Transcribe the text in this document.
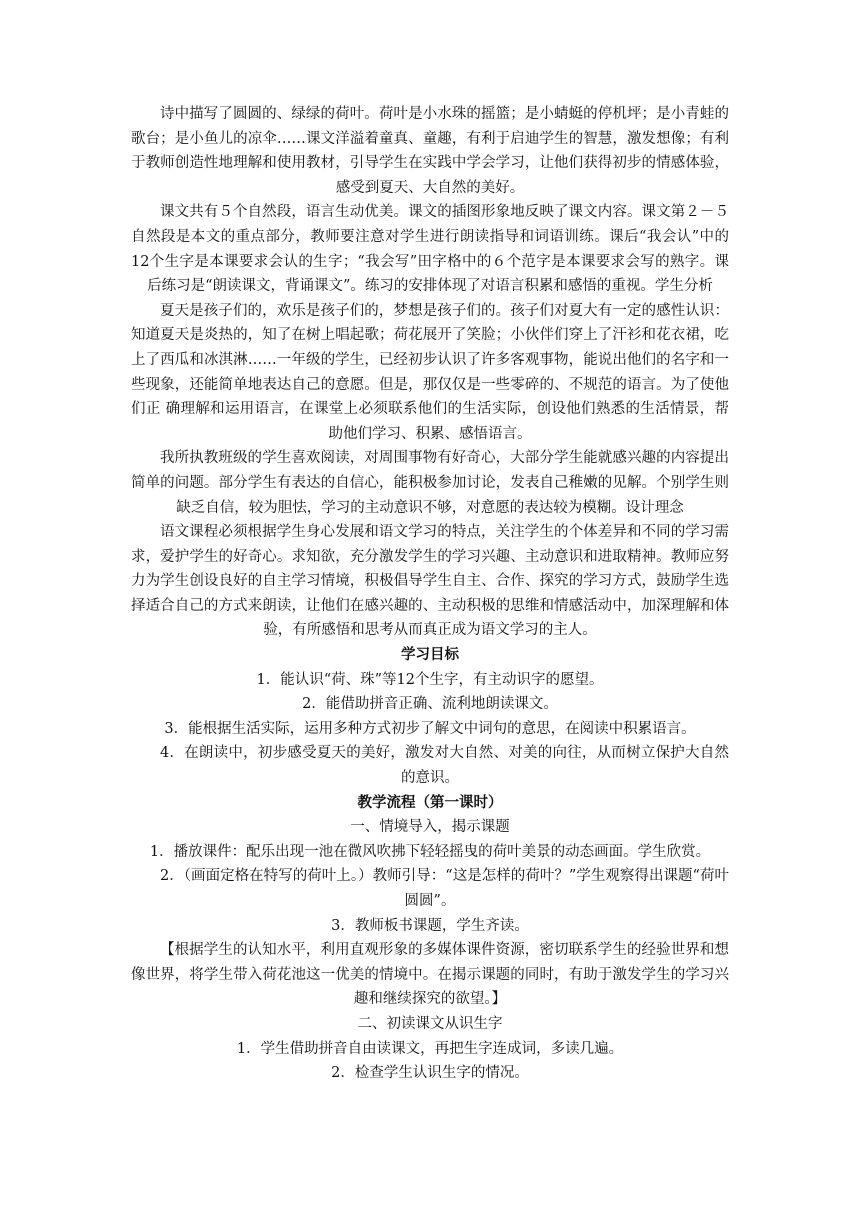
诗中描写了圆圆的、绿绿的荷叶。荷叶是小水珠的摇篮；是小蜻蜓的停机坪；是小青蛙的歌台；是小鱼儿的凉伞……课文洋溢着童真、童趣，有利于启迪学生的智慧，激发想像；有利于教师创造性地理解和使用教材，引导学生在实践中学会学习，让他们获得初步的情感体验，感受到夏天、大自然的美好。

课文共有５个自然段，语言生动优美。课文的插图形象地反映了课文内容。课文第２－５自然段是本文的重点部分，教师要注意对学生进行朗读指导和词语训练。课后“我会认”中的12个生字是本课要求会认的生字；“我会写”田字格中的６个范字是本课要求会写的熟字。课后练习是“朗读课文，背诵课文”。练习的安排体现了对语言积累和感悟的重视。学生分析

夏天是孩子们的，欢乐是孩子们的，梦想是孩子们的。孩子们对夏大有一定的感性认识：知道夏天是炎热的，知了在树上唱起歌；荷花展开了笑脸；小伙伴们穿上了汗衫和花衣裙，吃上了西瓜和冰淇淋……一年级的学生，已经初步认识了许多客观事物，能说出他们的名字和一些现象，还能简单地表达自己的意愿。但是，那仅仅是一些零碎的、不规范的语言。为了使他们正 确理解和运用语言，在课堂上必须联系他们的生活实际，创设他们熟悉的生活情景，帮助他们学习、积累、感悟语言。

我所执教班级的学生喜欢阅读，对周围事物有好奇心，大部分学生能就感兴趣的内容提出简单的问题。部分学生有表达的自信心，能积极参加讨论，发表自己稚嫩的见解。个别学生则缺乏自信，较为胆怯，学习的主动意识不够，对意愿的表达较为模糊。设计理念

语文课程必须根据学生身心发展和语文学习的特点，关注学生的个体差异和不同的学习需求，爱护学生的好奇心。求知欲，充分激发学生的学习兴趣、主动意识和进取精神。教师应努力为学生创设良好的自主学习情境，积极倡导学生自主、合作、探究的学习方式，鼓励学生选择适合自己的方式来朗读，让他们在感兴趣的、主动积极的思维和情感活动中，加深理解和体验，有所感悟和思考从而真正成为语文学习的主人。

学习目标

1．能认识“荷、珠”等12个生字，有主动识字的愿望。

2．能借助拼音正确、流利地朗读课文。

3．能根据生活实际，运用多种方式初步了解文中词句的意思，在阅读中积累语言。

4．在朗读中，初步感受夏天的美好，激发对大自然、对美的向往，从而树立保护大自然的意识。

教学流程（第一课时）

一、情境导入，揭示课题

1．播放课件：配乐出现一池在微风吹拂下轻轻摇曳的荷叶美景的动态画面。学生欣赏。

2．（画面定格在特写的荷叶上。）教师引导：“这是怎样的荷叶？”学生观察得出课题“荷叶圆圆”。

3．教师板书课题，学生齐读。

【根据学生的认知水平，利用直观形象的多媒体课件资源，密切联系学生的经验世界和想像世界，将学生带入荷花池这一优美的情境中。在揭示课题的同时，有助于激发学生的学习兴趣和继续探究的欲望。】

二、初读课文从识生字

1．学生借助拼音自由读课文，再把生字连成词，多读几遍。

2．检查学生认识生字的情况。
